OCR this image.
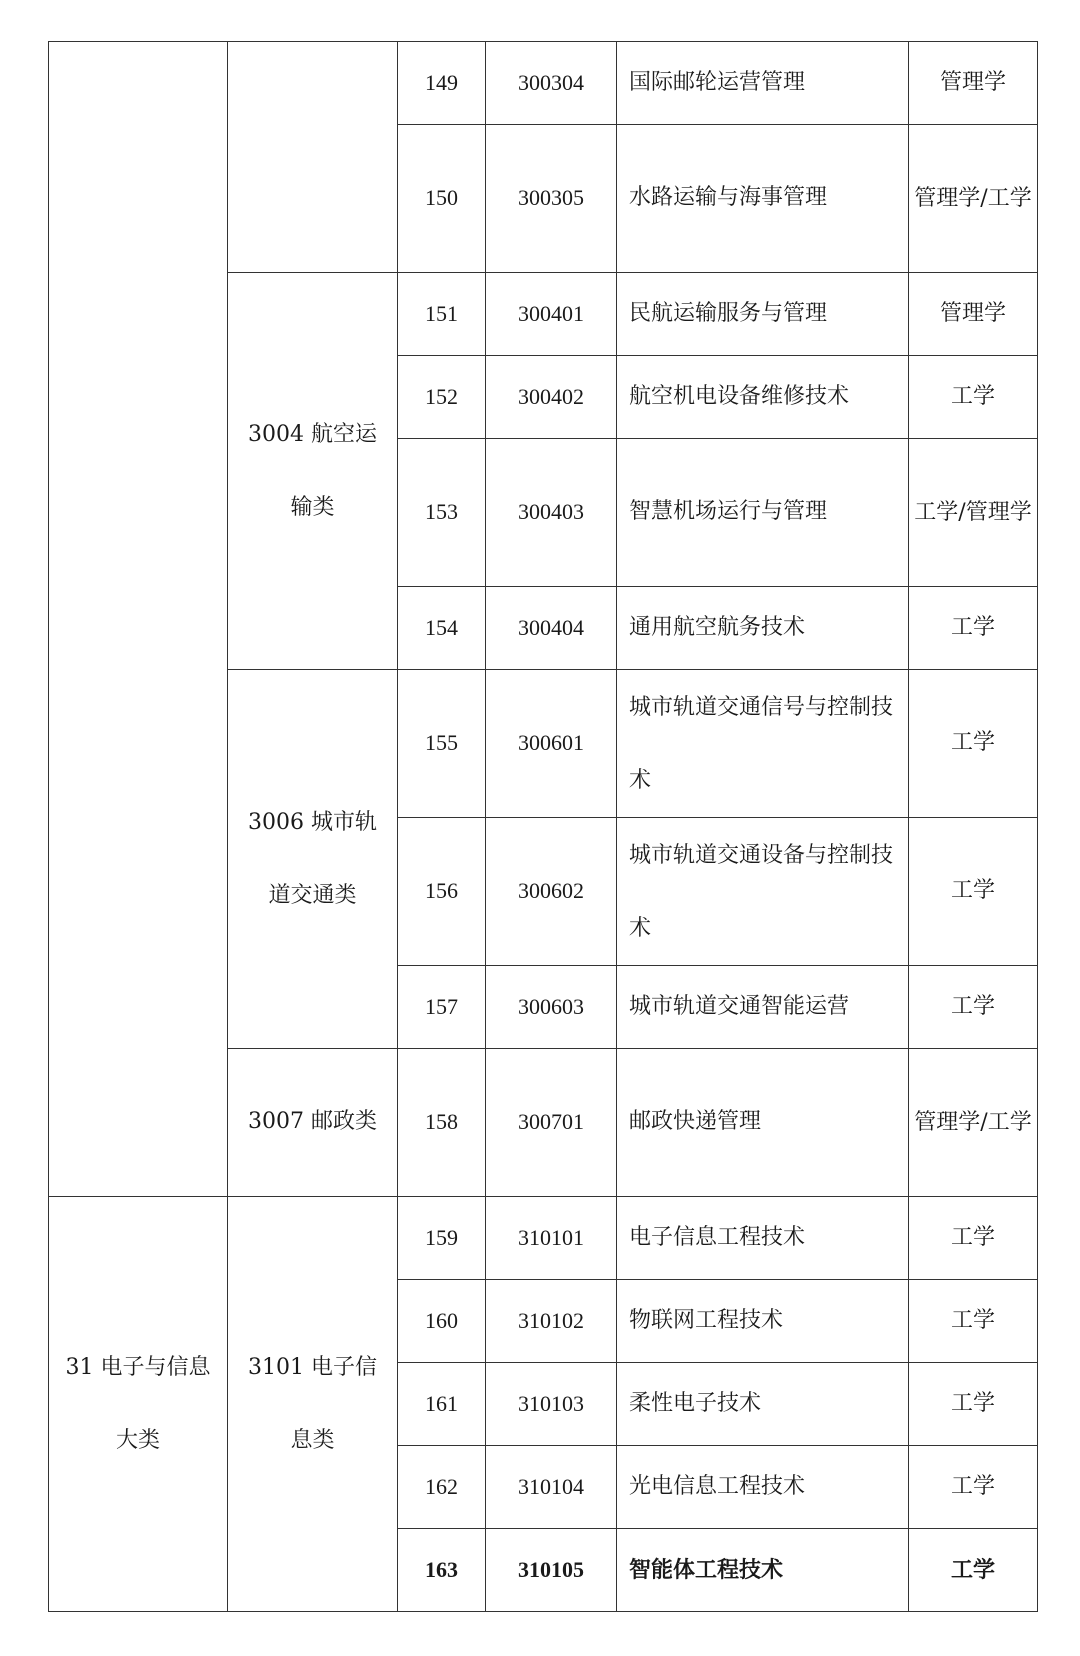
		149	300304	国际邮轮运营管理	管理学
		150	300305	水路运输与海事管理	管理学/工学
	3004 航空运输类	151	300401	民航运输服务与管理	管理学
		152	300402	航空机电设备维修技术	工学
		153	300403	智慧机场运行与管理	工学/管理学
		154	300404	通用航空航务技术	工学
	3006 城市轨道交通类	155	300601	城市轨道交通信号与控制技术	工学
		156	300602	城市轨道交通设备与控制技术	工学
		157	300603	城市轨道交通智能运营	工学
	3007 邮政类	158	300701	邮政快递管理	管理学/工学
31 电子与信息大类	3101 电子信息类	159	310101	电子信息工程技术	工学
		160	310102	物联网工程技术	工学
		161	310103	柔性电子技术	工学
		162	310104	光电信息工程技术	工学
		163	310105	智能体工程技术	工学
